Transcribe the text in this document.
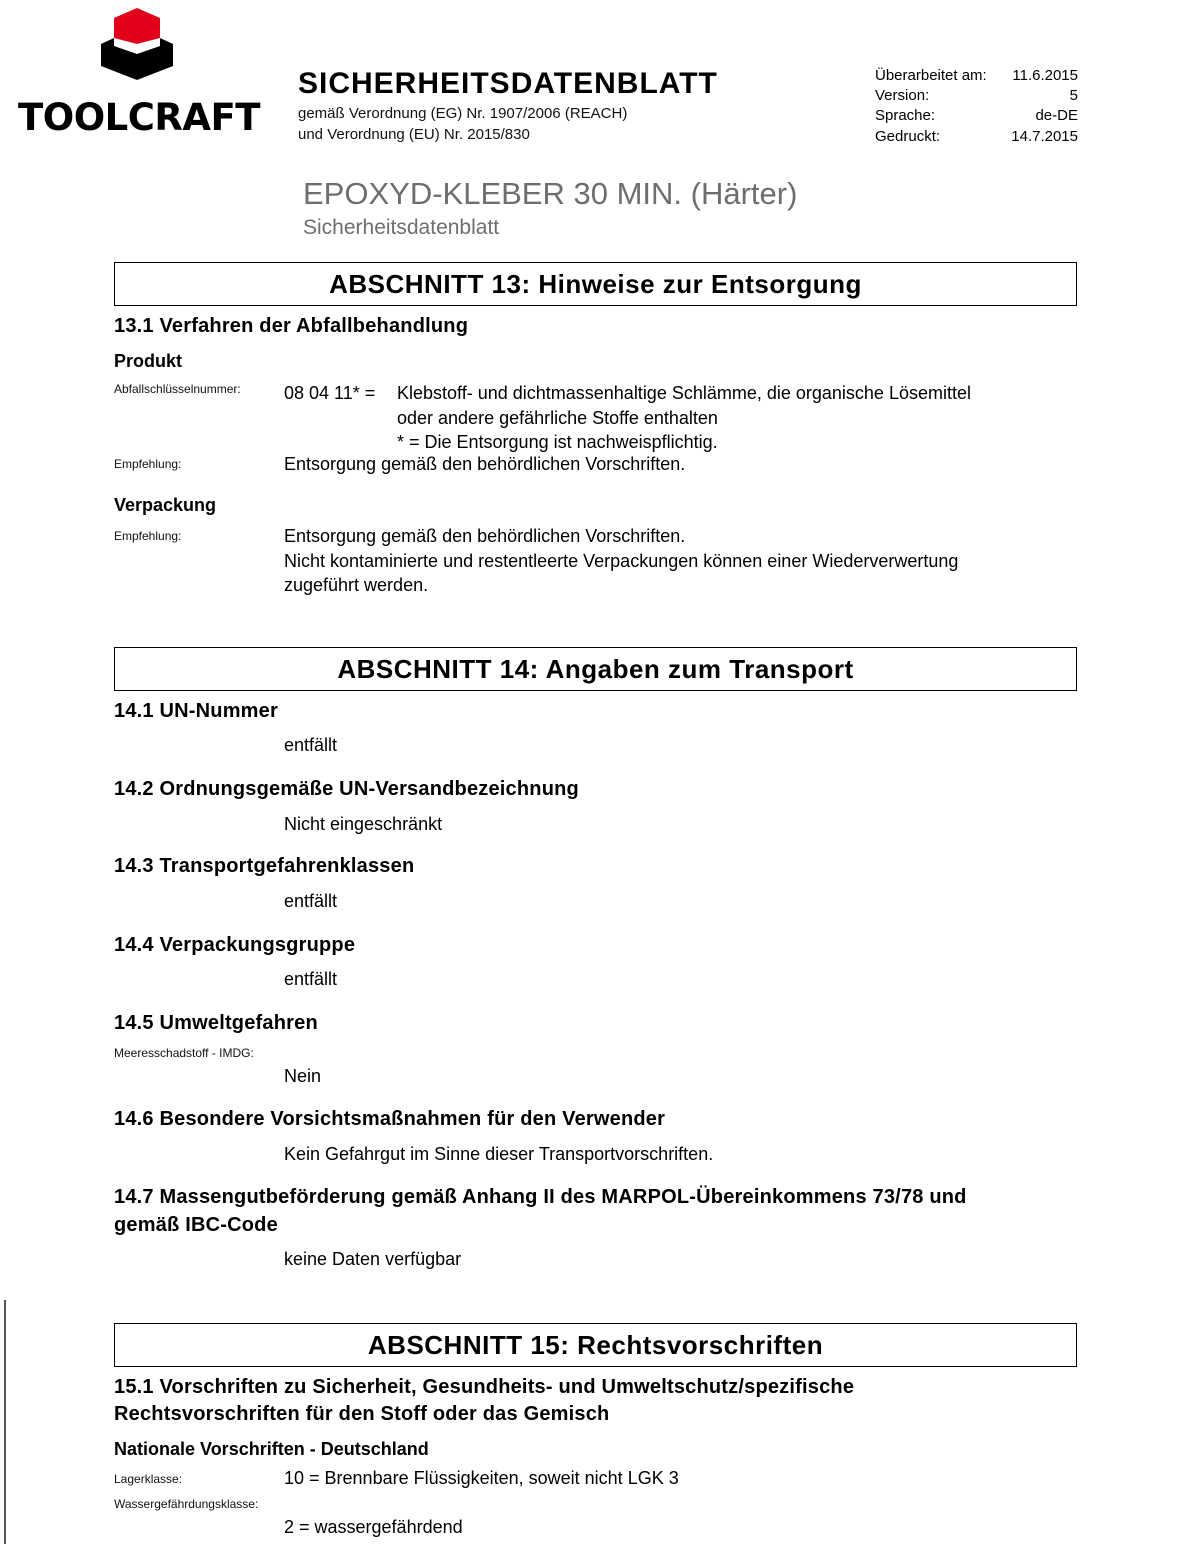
TOOLCRAFT
SICHERHEITSDATENBLATT
gemäß Verordnung (EG) Nr. 1907/2006 (REACH)
und Verordnung (EU) Nr. 2015/830
Überarbeitet am: 11.6.2015
Version:	5
Sprache:	de-DE
Gedruckt:	14.7.2015
EPOXYD-KLEBER 30 MIN. (Härter)
Sicherheitsdatenblatt
ABSCHNITT 13: Hinweise zur Entsorgung
13.1 Verfahren der Abfallbehandlung
Produkt
Abfallschlüsselnummer: 08 04 11* = Klebstoff- und dichtmassenhaltige Schlämme, die organische Lösemittel
oder andere gefährliche Stoffe enthalten
* = Die Entsorgung ist nachweispflichtig.
Empfehlung:	Entsorgung gemäß den behördlichen Vorschriften.
Verpackung
Empfehlung:	Entsorgung gemäß den behördlichen Vorschriften.
Nicht kontaminierte und restentleerte Verpackungen können einer Wiederverwertung
zugeführt werden.
ABSCHNITT 14: Angaben zum Transport
14.1 UN-Nummer
entfällt
14.2 Ordnungsgemäße UN-Versandbezeichnung
Nicht eingeschränkt
14.3 Transportgefahrenklassen
entfällt
14.4 Verpackungsgruppe
entfällt
14.5 Umweltgefahren
Meeresschadstoff - IMDG:
Nein
14.6 Besondere Vorsichtsmaßnahmen für den Verwender
Kein Gefahrgut im Sinne dieser Transportvorschriften.
14.7 Massengutbeförderung gemäß Anhang II des MARPOL-Übereinkommens 73/78 und
gemäß IBC-Code
keine Daten verfügbar
ABSCHNITT 15: Rechtsvorschriften
15.1 Vorschriften zu Sicherheit, Gesundheits- und Umweltschutz/spezifische
Rechtsvorschriften für den Stoff oder das Gemisch
Nationale Vorschriften - Deutschland
Lagerklasse:	10 = Brennbare Flüssigkeiten, soweit nicht LGK 3
Wassergefährdungsklasse:
2 = wassergefährdend
